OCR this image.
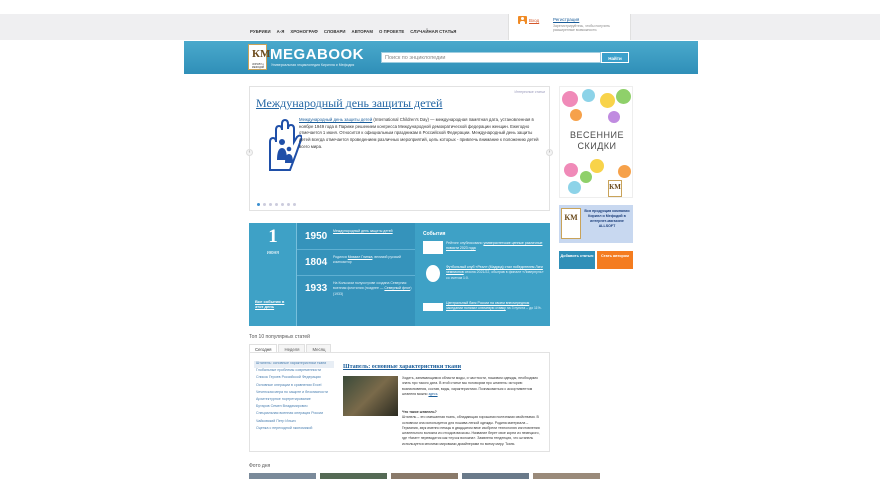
РУБРИКИ А-Я ХРОНОГРАФ СЛОВАРИ АВТОРАМ О ПРОЕКТЕ СЛУЧАЙНАЯ СТАТЬЯ
Вход	Регистрация
Зарегистрируйтесь, чтобы получить расширенные возможности.
КМ
КИРИЛЛ и МЕФОДИЙ
MEGABOOK
Универсальная энциклопедия Кирилла и Мефодия
Поиск по энциклопедии	Найти
Интересные статьи
Международный день защиты детей
Международный день защиты детей (International Children's Day) — международная памятная дата, установленная в ноябре 1949 года в Париже решением конгресса Международной демократической федерации женщин. Ежегодно отмечается 1 июня. Относится к официальным праздникам в Российской Федерации. Международный день защиты детей всегда отмечается проведением различных мероприятий, цель которых - привлечь внимание к положению детей всего мира.
‹	›
1
июня
Все события в этот день
1950 Международный день защиты детей
1804 Родился Михаил Глинка, великий русский композитор
1933 На Кольском полуострове создана Северная военная флотилия (позднее — Северный флот) (1933)
События
Рейтинг опубликовано университетские ценные различные новости 2023 года
Футбольный клуб «Реал» (Мадрид) стал победителем Лиги чемпионов сезона 2021/22, обыграв в финале «Ливерпуль» со счетом 1:0.
Центральный банк России на своем внеочередном заседании понизил ключевую ставку на 3 пункта – до 11%.
ВЕСЕННИЕ СКИДКИ
КМ
КМ
Вся продукция компании Кирилл и Мефодий в интернет-магазине ALLSOFT
Добавить статью	Стать автором
Топ 10 популярных статей
Сегодня	Неделя	Месяц
Штапель: основные характеристики ткани
Глобальные проблемы современности
Список Героев Российской Федерации
Основные операции в сравнении Excel
Чеченская мера по защите и безопасности
Архитектурное портретирование
Бутаров Семен Владимирович
Специальная военная операция России
Чайковский Петр Ильич
Оценка с переходной экономикой
Штапель: основные характеристики ткани
Ходить, занимающимся области моды, и частности, пошивом одежды, необходимо знать про такого дата. В этой статье мы поговорим про штапель: историю возникновения, состав, виды, характеристики. Познакомиться с ассортиментом штапеля можно здесь
Что такое штапель?
Штапель – это смешанная ткань, обладающая хорошими полезными свойствами. В основном она используется для пошива легкой одежды. Родина материала – Германия, звук именно немцы в двадцатом веке изобрели технологию изготовления штапельного волокна из отходов вискозы. Название берет свое корни из немецкого, где «faser» переводится как «пучок волокна». Заявлена тенденция, что штапель используется многими мировыми дизайнерами по всему миру. Ткань
Фото дня
